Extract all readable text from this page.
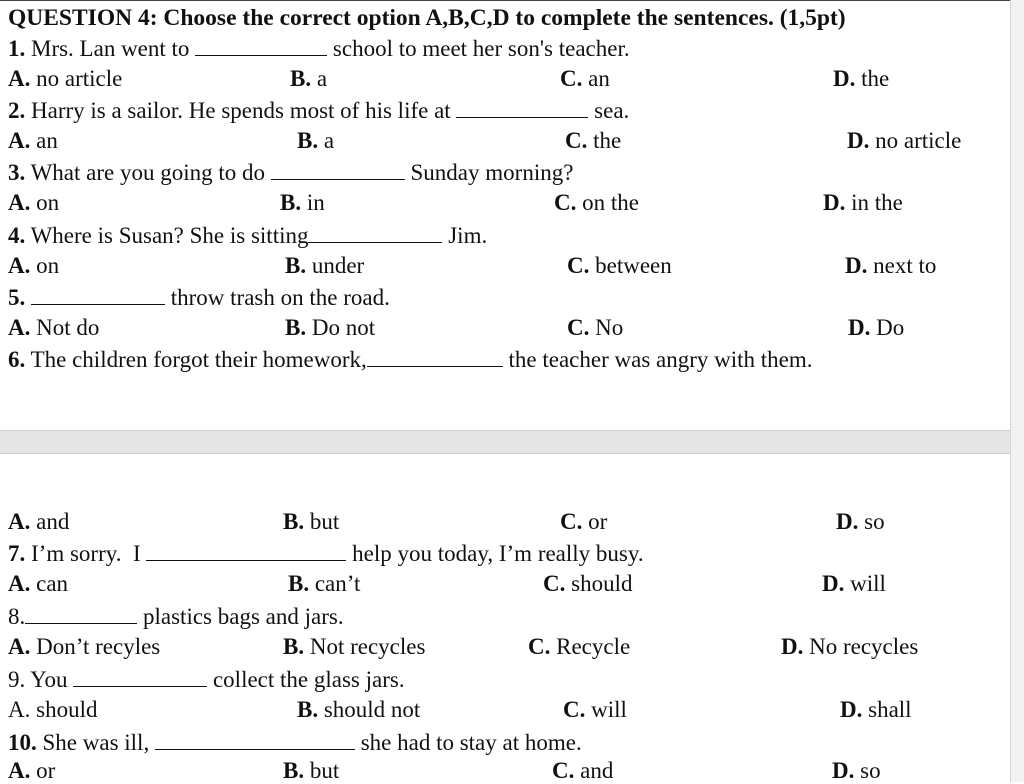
QUESTION 4: Choose the correct option A,B,C,D to complete the sentences. (1,5pt)
1. Mrs. Lan went to	school to meet her son's teacher.
A. no article	B. a	C. an	D. the
2. Harry is a sailor. He spends most of his life at	sea.
A. an	B. a	C. the	D. no article
3. What are you going to do	Sunday morning?
A. on	B. in	C. on the	D. in the
4. Where is Susan? She is sitting	Jim.
A. on	B. under	C. between	D. next to
5.	throw trash on the road.
A. Not do	B. Do not	C. No	D. Do
6. The children forgot their homework,	the teacher was angry with them.
A. and	B. but	C. or	D. so
7. I’m sorry.  I	help you today, I’m really busy.
A. can	B. can’t	C. should	D. will
8.	plastics bags and jars.
A. Don’t recyles	B. Not recycles	C. Recycle	D. No recycles
9. You	collect the glass jars.
A. should	B. should not	C. will	D. shall
10. She was ill,	she had to stay at home.
A. or	B. but	C. and	D. so
